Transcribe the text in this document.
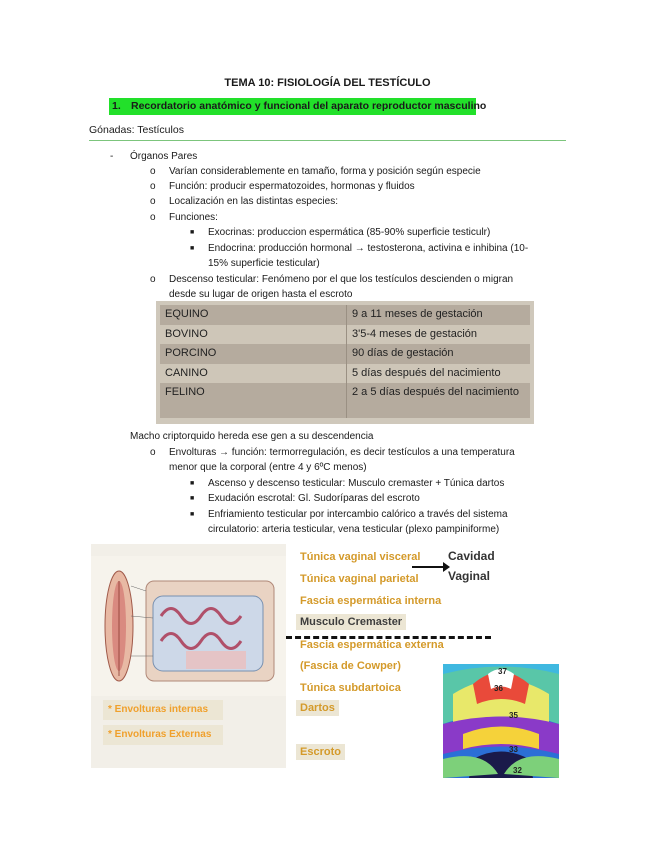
TEMA 10: FISIOLOGÍA DEL TESTÍCULO
1. Recordatorio anatómico y funcional del aparato reproductor masculino
Gónadas: Testículos
- Órganos Pares
o Varían considerablemente en tamaño, forma y posición según especie
o Función: producir espermatozoides, hormonas y fluidos
o Localización en las distintas especies:
o Funciones:
■ Exocrinas: produccion espermática (85-90% superficie testiculr)
■ Endocrina: producción hormonal → testosterona, activina e inhibina (10-
15% superficie testicular)
o Descenso testicular: Fenómeno por el que los testículos descienden o migran
desde su lugar de origen hasta el escroto
EQUINO	9 a 11 meses de gestación
BOVINO	3'5-4 meses de gestación
PORCINO	90 días de gestación
CANINO	5 días después del nacimiento
FELINO	2 a 5 días después del nacimiento
Macho criptorquido hereda ese gen a su descendencia
o Envolturas → función: termorregulación, es decir testículos a una temperatura
menor que la corporal (entre 4 y 6ºC menos)
■ Ascenso y descenso testicular: Musculo cremaster + Túnica dartos
■ Exudación escrotal: Gl. Sudoríparas del escroto
■ Enfriamiento testicular por intercambio calórico a través del sistema
circulatorio: arteria testicular, vena testicular (plexo pampiniforme)
* Envolturas internas
* Envolturas Externas
Túnica vaginal visceral
Túnica vaginal parietal
Fascia espermática interna
Musculo Cremaster
Fascia espermática externa
(Fascia de Cowper)
Túnica subdartoica
Dartos
Escroto
Cavidad
Vaginal
37
36
35
33
32
